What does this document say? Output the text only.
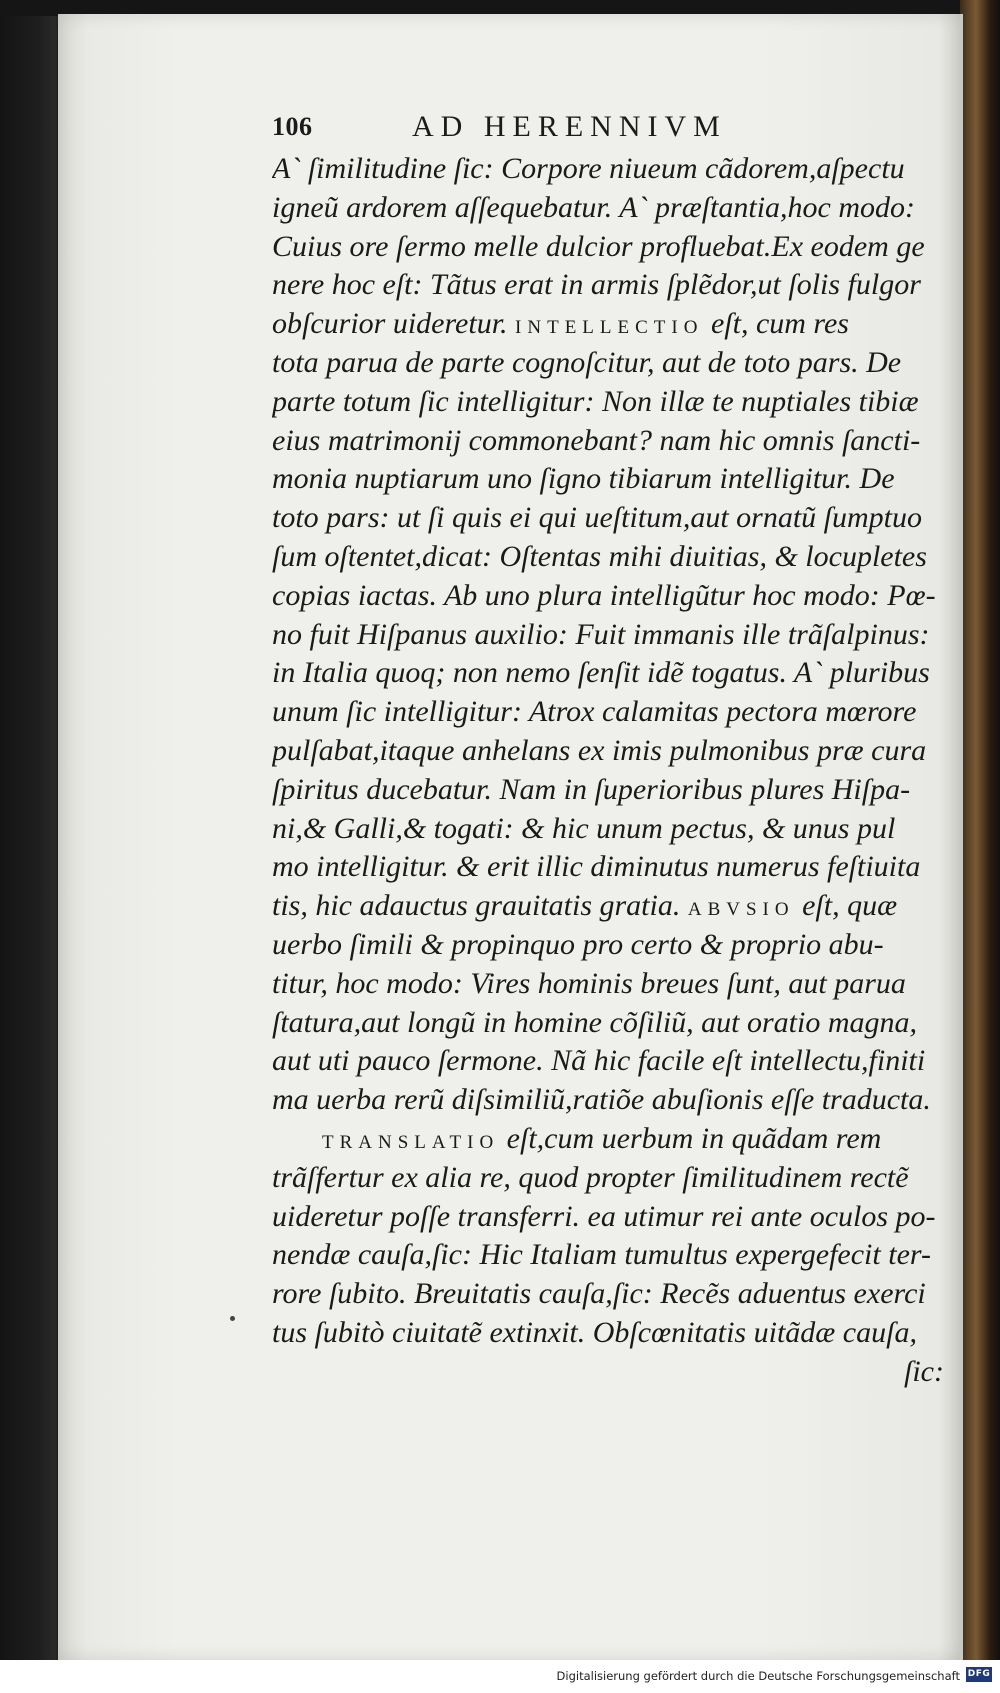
106	AD HERENNIVM
A` ſimilitudine ſic: Corpore niueum cãdorem,aſpectu
igneũ ardorem aſſequebatur. A` præſtantia,hoc modo:
Cuius ore ſermo melle dulcior profluebat.Ex eodem ge
nere hoc eſt: Tãtus erat in armis ſplẽdor,ut ſolis fulgor
obſcurior uideretur. INTELLECTIO eſt, cum res
tota parua de parte cognoſcitur, aut de toto pars. De
parte totum ſic intelligitur: Non illæ te nuptiales tibiæ
eius matrimonij commonebant? nam hic omnis ſancti-
monia nuptiarum uno ſigno tibiarum intelligitur. De
toto pars: ut ſi quis ei qui ueſtitum,aut ornatũ ſumptuo
ſum oſtentet,dicat: Oſtentas mihi diuitias, & locupletes
copias iactas. Ab uno plura intelligũtur hoc modo: Pœ-
no fuit Hiſpanus auxilio: Fuit immanis ille trãſalpinus:
in Italia quoq; non nemo ſenſit idẽ togatus. A` pluribus
unum ſic intelligitur: Atrox calamitas pectora mœrore
pulſabat,itaque anhelans ex imis pulmonibus præ cura
ſpiritus ducebatur. Nam in ſuperioribus plures Hiſpa-
ni,& Galli,& togati: & hic unum pectus, & unus pul
mo intelligitur. & erit illic diminutus numerus feſtiuita
tis, hic adauctus grauitatis gratia. ABVSIO eſt, quæ
uerbo ſimili & propinquo pro certo & proprio abu-
titur, hoc modo: Vires hominis breues ſunt, aut parua
ſtatura,aut longũ in homine cõſiliũ, aut oratio magna,
aut uti pauco ſermone. Nã hic facile eſt intellectu,finiti
ma uerba rerũ diſsimiliũ,ratiõe abuſionis eſſe traducta.
TRANSLATIO eſt,cum uerbum in quãdam rem
trãſfertur ex alia re, quod propter ſimilitudinem rectẽ
uideretur poſſe transferri. ea utimur rei ante oculos po-
nendæ cauſa,ſic: Hic Italiam tumultus expergefecit ter-
rore ſubito. Breuitatis cauſa,ſic: Recẽs aduentus exerci
tus ſubitò ciuitatẽ extinxit. Obſcœnitatis uitãdæ cauſa,
ſic:
Digitalisierung gefördert durch die Deutsche Forschungsgemeinschaft DFG
